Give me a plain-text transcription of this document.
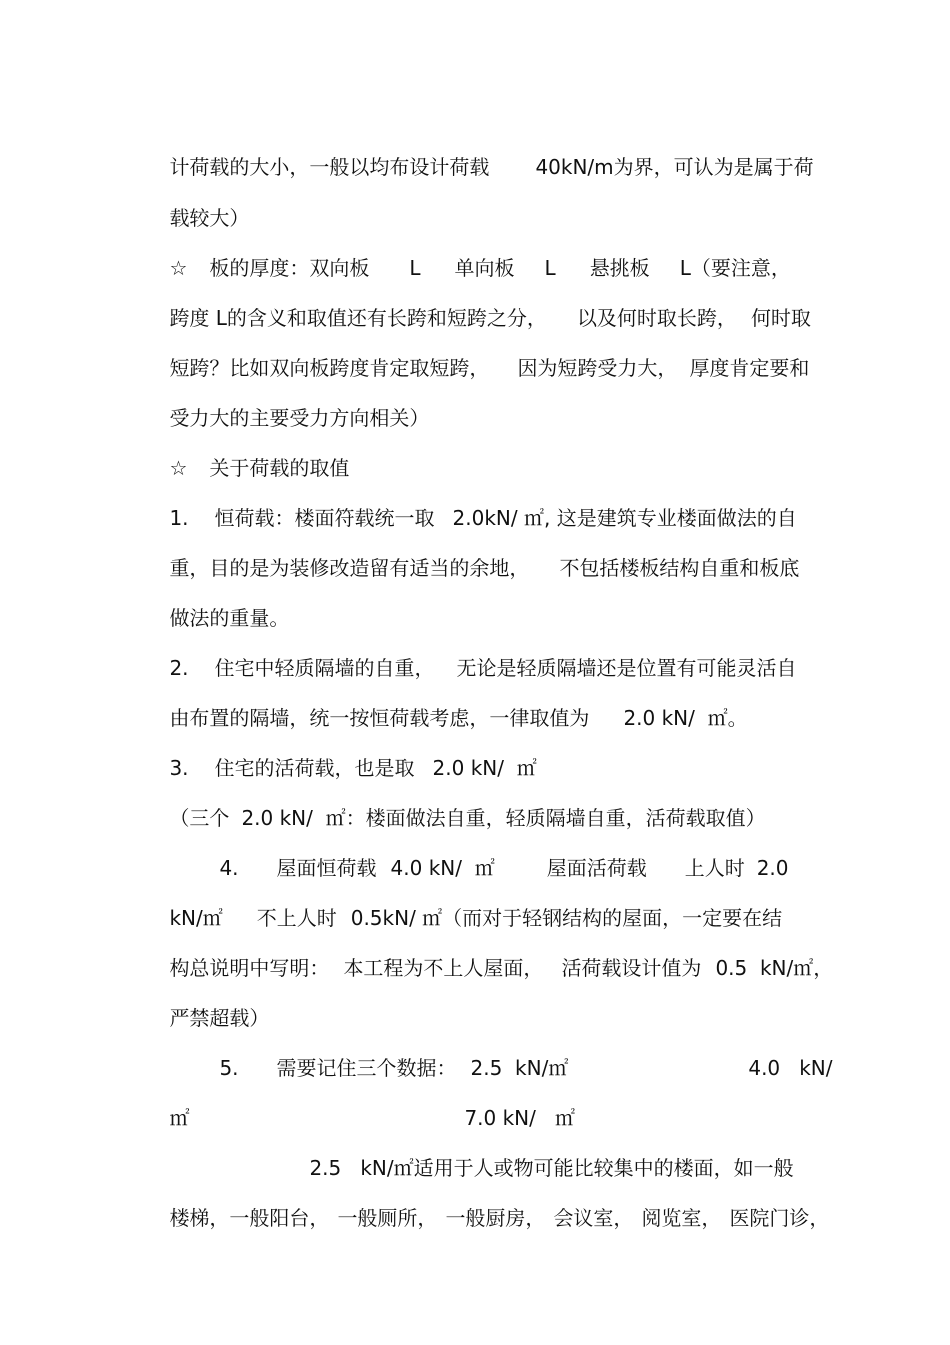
计荷载的大小，一般以均布设计荷载 40kN/m为界，可认为是属于荷

载较大）

☆ 板的厚度：双向板 L 单向板 L 悬挑板 L（要注意，

跨度 L的含义和取值还有长跨和短跨之分， 以及何时取长跨， 何时取

短跨？比如双向板跨度肯定取短跨， 因为短跨受力大， 厚度肯定要和

受力大的主要受力方向相关）

☆ 关于荷载的取值

1. 恒荷载：楼面符载统一取 2.0kN/ ㎡, 这是建筑专业楼面做法的自

重，目的是为装修改造留有适当的余地， 不包括楼板结构自重和板底

做法的重量。

2. 住宅中轻质隔墙的自重， 无论是轻质隔墙还是位置有可能灵活自

由布置的隔墙，统一按恒荷载考虑，一律取值为 2.0 kN/  ㎡。

3. 住宅的活荷载，也是取 2.0 kN/  ㎡

（三个 2.0 kN/  ㎡：楼面做法自重，轻质隔墙自重，活荷载取值）

4. 屋面恒荷载 4.0 kN/  ㎡	屋面活荷载 上人时 2.0

kN/㎡ 不上人时 0.5kN/ ㎡（而对于轻钢结构的屋面，一定要在结

构总说明中写明： 本工程为不上人屋面， 活荷载设计值为 0.5  kN/㎡，

严禁超载）

5. 需要记住三个数据： 2.5  kN/㎡	4.0   kN/

㎡	7.0 kN/   ㎡

2.5   kN/㎡适用于人或物可能比较集中的楼面，如一般

楼梯，一般阳台， 一般厕所， 一般厨房， 会议室， 阅览室， 医院门诊，
